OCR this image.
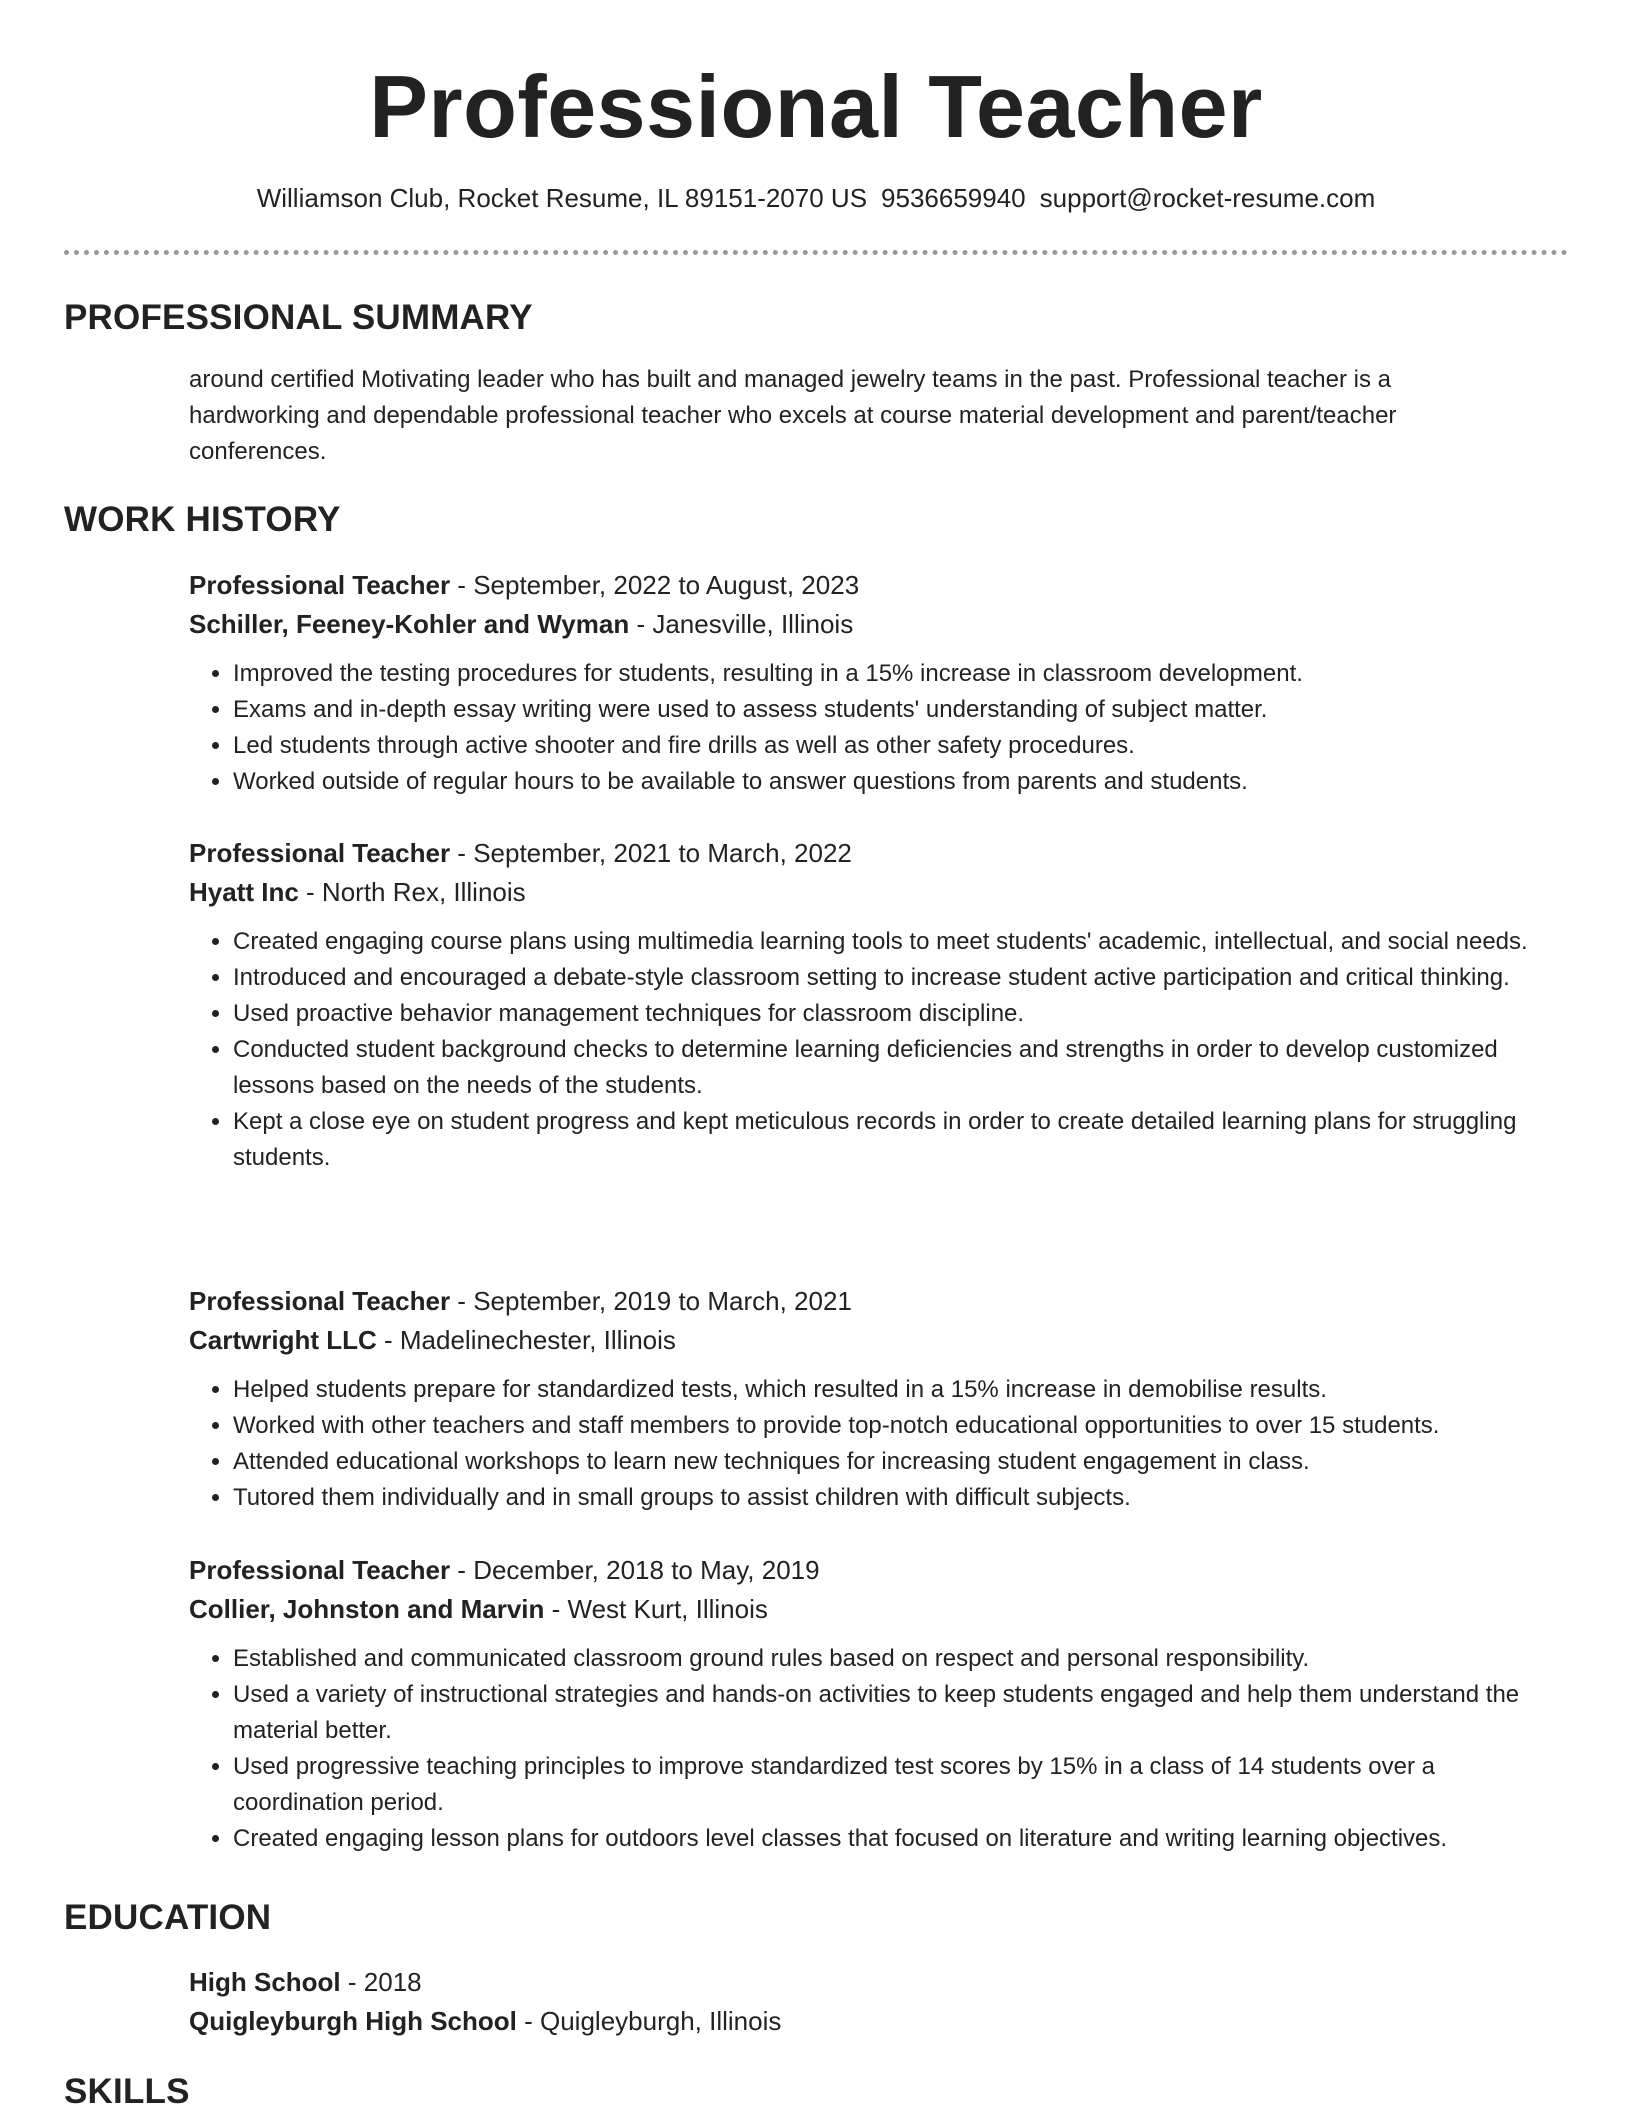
Professional Teacher
Williamson Club, Rocket Resume, IL 89151-2070 US 9536659940 support@rocket-resume.com
PROFESSIONAL SUMMARY
around certified Motivating leader who has built and managed jewelry teams in the past. Professional teacher is a hardworking and dependable professional teacher who excels at course material development and parent/teacher conferences.
WORK HISTORY
Professional Teacher - September, 2022 to August, 2023
Schiller, Feeney-Kohler and Wyman - Janesville, Illinois
• Improved the testing procedures for students, resulting in a 15% increase in classroom development.
• Exams and in-depth essay writing were used to assess students' understanding of subject matter.
• Led students through active shooter and fire drills as well as other safety procedures.
• Worked outside of regular hours to be available to answer questions from parents and students.
Professional Teacher - September, 2021 to March, 2022
Hyatt Inc - North Rex, Illinois
• Created engaging course plans using multimedia learning tools to meet students' academic, intellectual, and social needs.
• Introduced and encouraged a debate-style classroom setting to increase student active participation and critical thinking.
• Used proactive behavior management techniques for classroom discipline.
• Conducted student background checks to determine learning deficiencies and strengths in order to develop customized lessons based on the needs of the students.
• Kept a close eye on student progress and kept meticulous records in order to create detailed learning plans for struggling students.
Professional Teacher - September, 2019 to March, 2021
Cartwright LLC - Madelinechester, Illinois
• Helped students prepare for standardized tests, which resulted in a 15% increase in demobilise results.
• Worked with other teachers and staff members to provide top-notch educational opportunities to over 15 students.
• Attended educational workshops to learn new techniques for increasing student engagement in class.
• Tutored them individually and in small groups to assist children with difficult subjects.
Professional Teacher - December, 2018 to May, 2019
Collier, Johnston and Marvin - West Kurt, Illinois
• Established and communicated classroom ground rules based on respect and personal responsibility.
• Used a variety of instructional strategies and hands-on activities to keep students engaged and help them understand the material better.
• Used progressive teaching principles to improve standardized test scores by 15% in a class of 14 students over a coordination period.
• Created engaging lesson plans for outdoors level classes that focused on literature and writing learning objectives.
EDUCATION
High School - 2018
Quigleyburgh High School - Quigleyburgh, Illinois
SKILLS
